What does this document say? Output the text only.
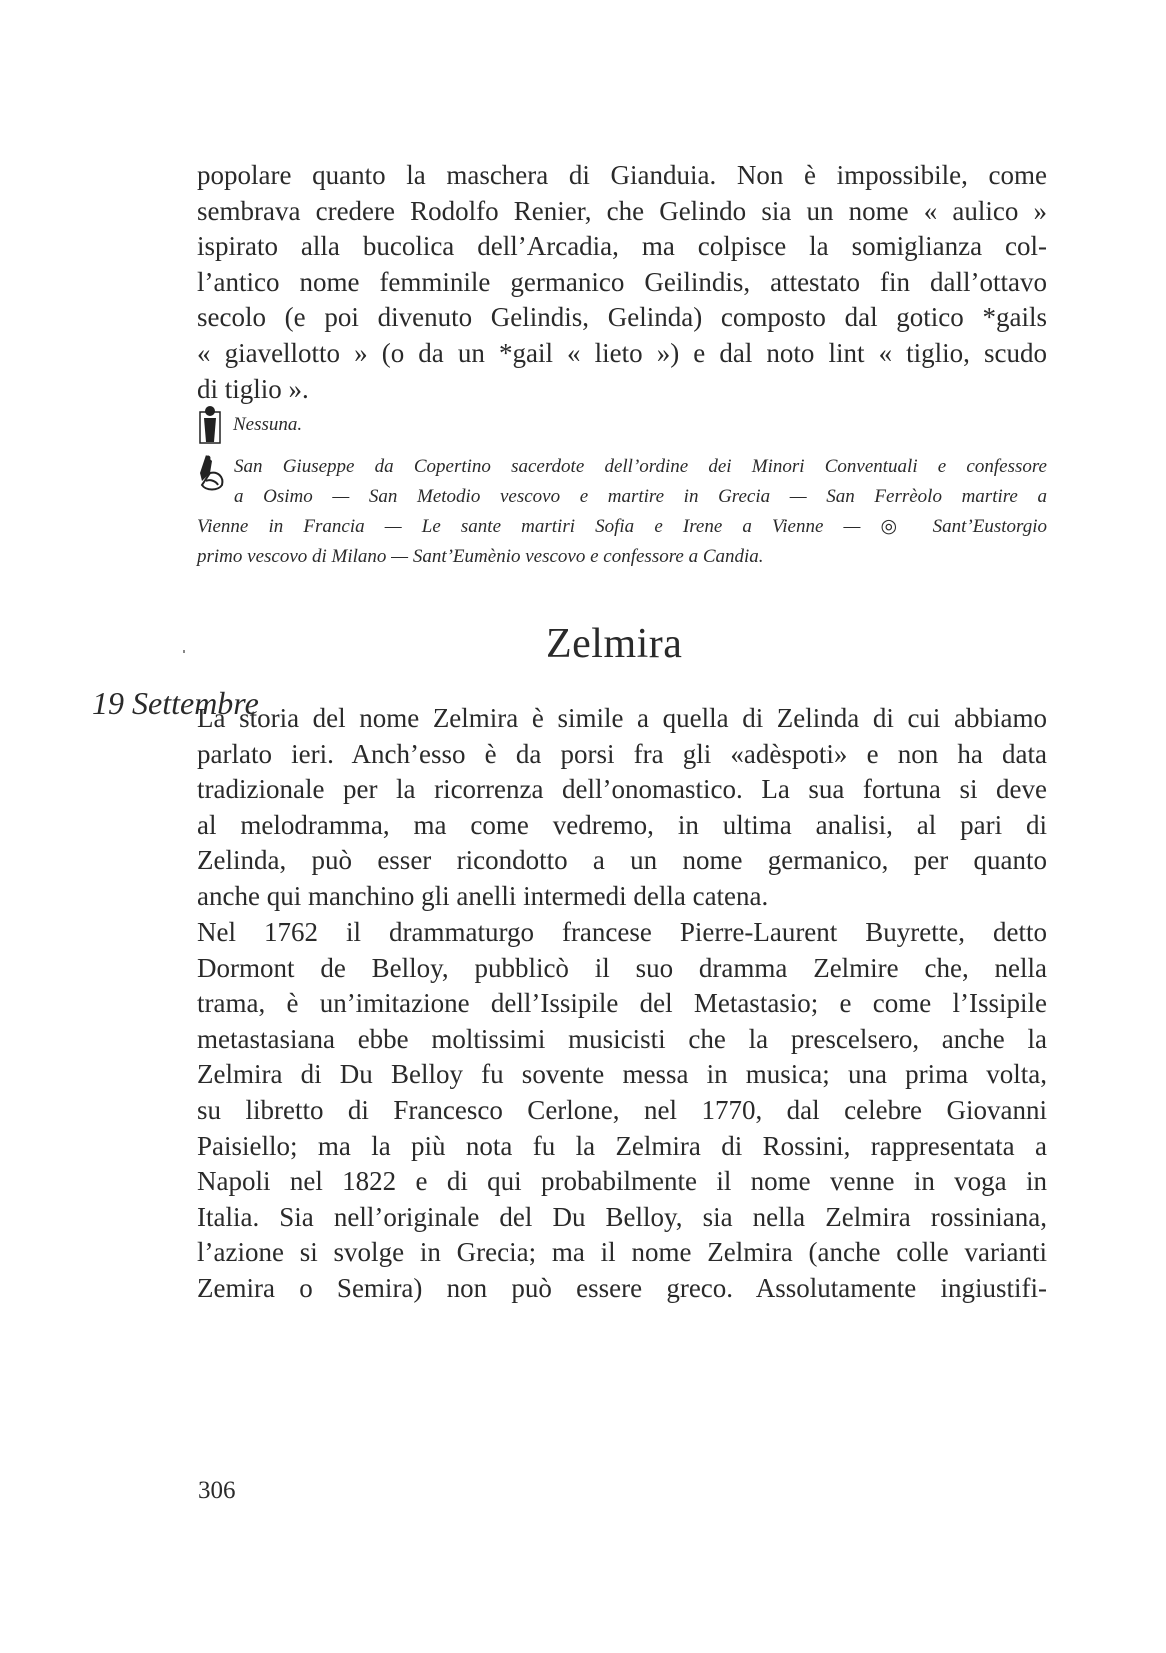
popolare quanto la maschera di Gianduia. Non è impossibile, come
sembrava credere Rodolfo Renier, che Gelindo sia un nome « aulico »
ispirato alla bucolica dell’Arcadia, ma colpisce la somiglianza col-
l’antico nome femminile germanico Geilindis, attestato fin dall’ottavo
secolo (e poi divenuto Gelindis, Gelinda) composto dal gotico *gails
« giavellotto » (o da un *gail « lieto ») e dal noto lint « tiglio, scudo
di tiglio ».
Nessuna.
San Giuseppe da Copertino sacerdote dell’ordine dei Minori Conventuali e confessore
a Osimo — San Metodio vescovo e martire in Grecia — San Ferrèolo martire a
Vienne in Francia — Le sante martiri Sofia e Irene a Vienne — ◎ Sant’Eustorgio
primo vescovo di Milano — Sant’Eumènio vescovo e confessore a Candia.
Zelmira
19 Settembre
La storia del nome Zelmira è simile a quella di Zelinda di cui abbiamo
parlato ieri. Anch’esso è da porsi fra gli «adèspoti» e non ha data
tradizionale per la ricorrenza dell’onomastico. La sua fortuna si deve
al melodramma, ma come vedremo, in ultima analisi, al pari di
Zelinda, può esser ricondotto a un nome germanico, per quanto
anche qui manchino gli anelli intermedi della catena.
Nel 1762 il drammaturgo francese Pierre-Laurent Buyrette, detto
Dormont de Belloy, pubblicò il suo dramma Zelmire che, nella
trama, è un’imitazione dell’Issipile del Metastasio; e come l’Issipile
metastasiana ebbe moltissimi musicisti che la prescelsero, anche la
Zelmira di Du Belloy fu sovente messa in musica; una prima volta,
su libretto di Francesco Cerlone, nel 1770, dal celebre Giovanni
Paisiello; ma la più nota fu la Zelmira di Rossini, rappresentata a
Napoli nel 1822 e di qui probabilmente il nome venne in voga in
Italia. Sia nell’originale del Du Belloy, sia nella Zelmira rossiniana,
l’azione si svolge in Grecia; ma il nome Zelmira (anche colle varianti
Zemira o Semira) non può essere greco. Assolutamente ingiustifi-
306
